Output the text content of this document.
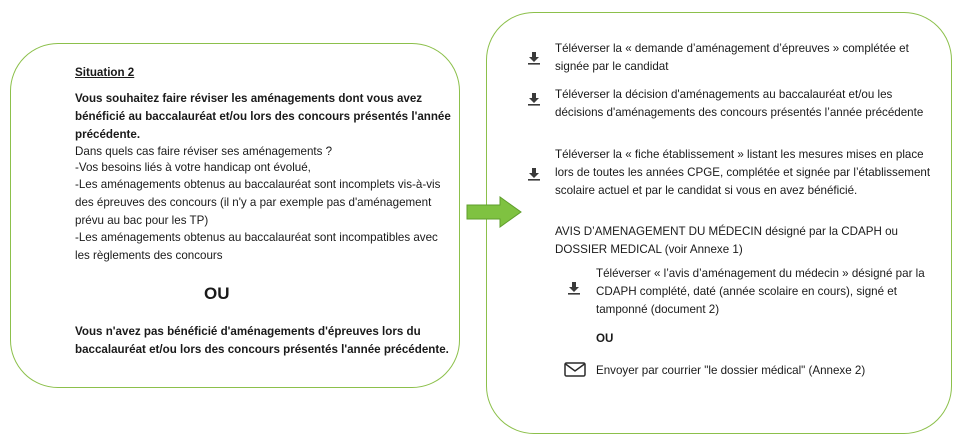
Situation 2
Vous souhaitez faire réviser les aménagements dont vous avez bénéficié au baccalauréat et/ou lors des concours présentés l'année précédente.
Dans quels cas faire réviser ses aménagements ?
-Vos besoins liés à votre handicap ont évolué,
-Les aménagements obtenus au baccalauréat sont incomplets vis-à-vis des épreuves des concours (il n'y a par exemple pas d'aménagement prévu au bac pour les TP)
-Les aménagements obtenus au baccalauréat sont incompatibles avec les règlements des concours
OU
Vous n'avez pas bénéficié d'aménagements d'épreuves lors du baccalauréat et/ou lors des concours présentés l'année précédente.
Téléverser la « demande d’aménagement d’épreuves » complétée et signée par le candidat
Téléverser la décision d'aménagements au baccalauréat et/ou les décisions d'aménagements des concours présentés l’année précédente
Téléverser la « fiche établissement » listant les mesures mises en place lors de toutes les années CPGE, complétée et signée par l’établissement scolaire actuel et par le candidat si vous en avez bénéficié.
AVIS D’AMENAGEMENT DU MÉDECIN désigné par la CDAPH ou DOSSIER MEDICAL (voir Annexe 1)
Téléverser « l’avis d’aménagement du médecin » désigné par la CDAPH complété, daté (année scolaire en cours), signé et tamponné (document 2)
OU
Envoyer par courrier "le dossier médical" (Annexe 2)
